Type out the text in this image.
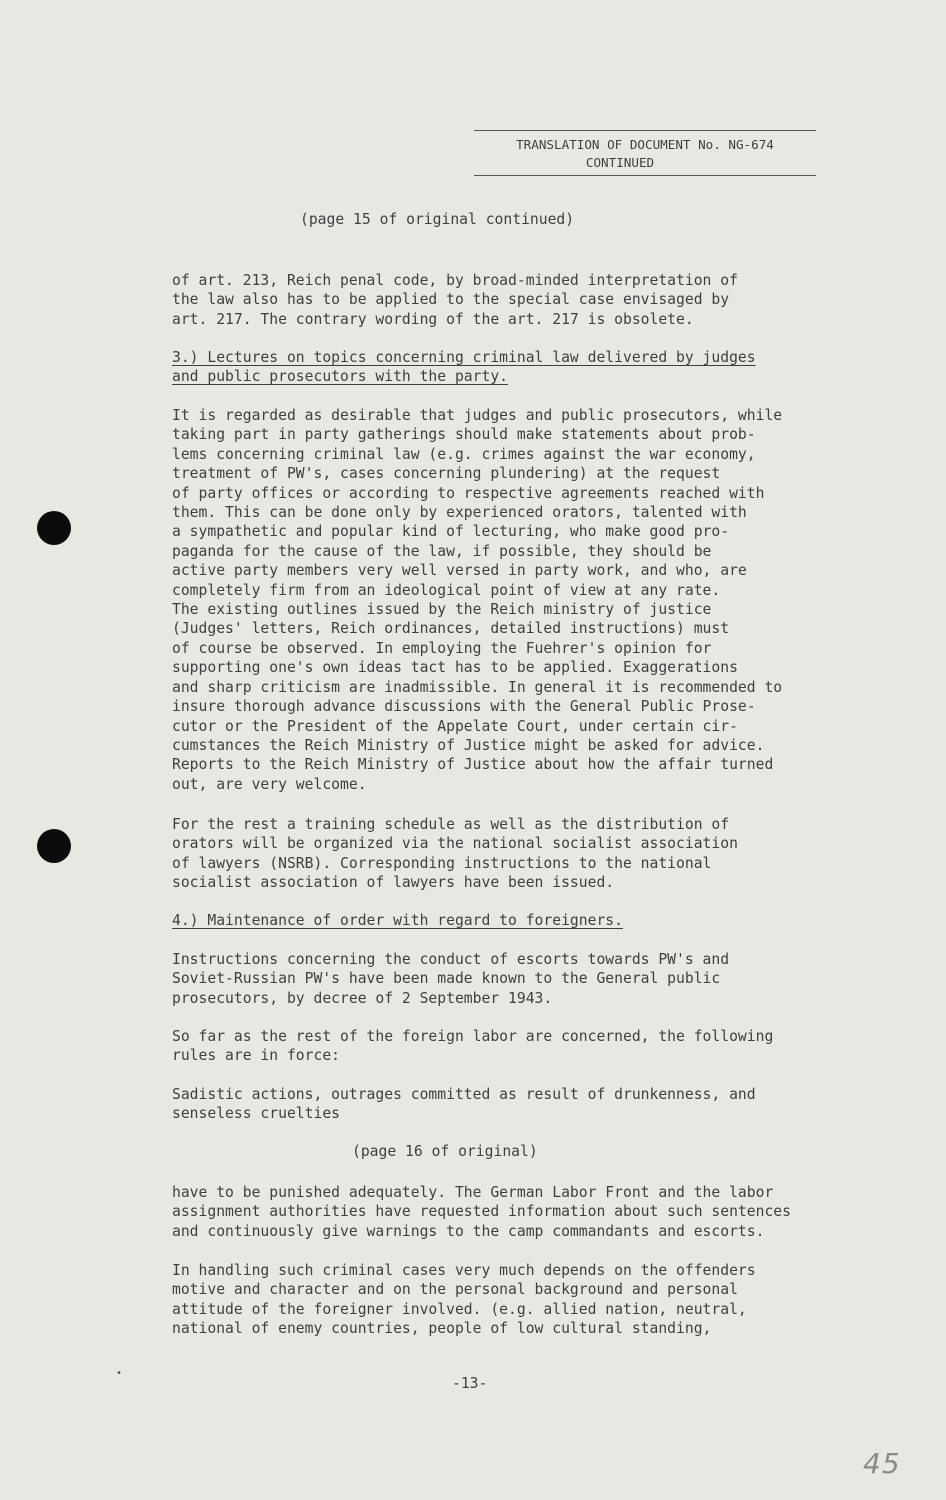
TRANSLATION OF DOCUMENT No. NG-674
CONTINUED
(page 15 of original continued)
of art. 213, Reich penal code, by broad-minded interpretation of
the law also has to be applied to the special case envisaged by
art. 217. The contrary wording of the art. 217 is obsolete.
3.) Lectures on topics concerning criminal law delivered by judges
and public prosecutors with the party.
It is regarded as desirable that judges and public prosecutors, while
taking part in party gatherings should make statements about prob-
lems concerning criminal law (e.g. crimes against the war economy,
treatment of PW's, cases concerning plundering) at the request
of party offices or according to respective agreements reached with
them. This can be done only by experienced orators, talented with
a sympathetic and popular kind of lecturing, who make good pro-
paganda for the cause of the law, if possible, they should be
active party members very well versed in party work, and who, are
completely firm from an ideological point of view at any rate.
The existing outlines issued by the Reich ministry of justice
(Judges' letters, Reich ordinances, detailed instructions) must
of course be observed. In employing the Fuehrer's opinion for
supporting one's own ideas tact has to be applied. Exaggerations
and sharp criticism are inadmissible. In general it is recommended to
insure thorough advance discussions with the General Public Prose-
cutor or the President of the Appelate Court, under certain cir-
cumstances the Reich Ministry of Justice might be asked for advice.
Reports to the Reich Ministry of Justice about how the affair turned
out, are very welcome.
For the rest a training schedule as well as the distribution of
orators will be organized via the national socialist association
of lawyers (NSRB). Corresponding instructions to the national
socialist association of lawyers have been issued.
4.) Maintenance of order with regard to foreigners.
Instructions concerning the conduct of escorts towards PW's and
Soviet-Russian PW's have been made known to the General public
prosecutors, by decree of 2 September 1943.
So far as the rest of the foreign labor are concerned, the following
rules are in force:
Sadistic actions, outrages committed as result of drunkenness, and
senseless cruelties
(page 16 of original)
have to be punished adequately. The German Labor Front and the labor
assignment authorities have requested information about such sentences
and continuously give warnings to the camp commandants and escorts.
In handling such criminal cases very much depends on the offenders
motive and character and on the personal background and personal
attitude of the foreigner involved. (e.g. allied nation, neutral,
national of enemy countries, people of low cultural standing,
-13-
•
45
